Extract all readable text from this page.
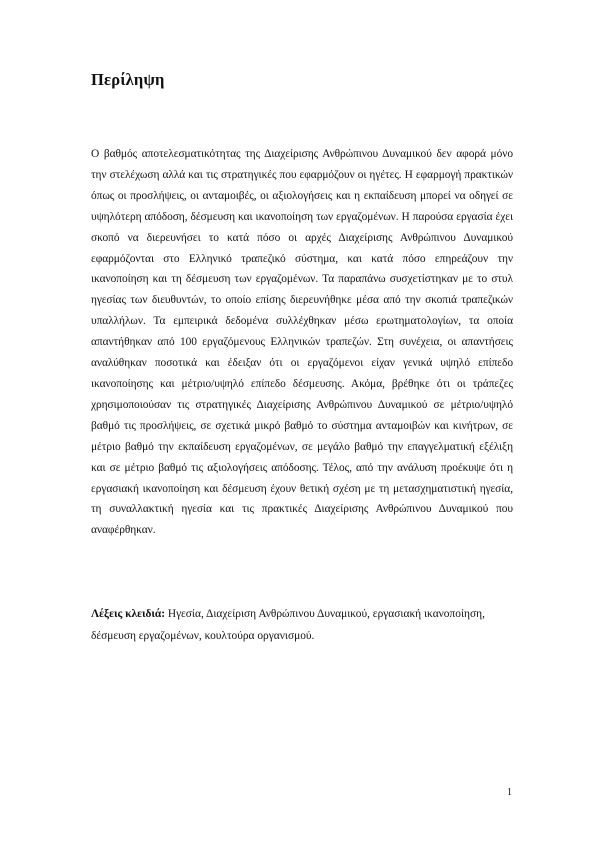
Περίληψη

Ο βαθμός αποτελεσματικότητας της Διαχείρισης Ανθρώπινου Δυναμικού δεν αφορά μόνο την στελέχωση αλλά και τις στρατηγικές που εφαρμόζουν οι ηγέτες. Η εφαρμογή πρακτικών όπως οι προσλήψεις, οι ανταμοιβές, οι αξιολογήσεις και η εκπαίδευση μπορεί να οδηγεί σε υψηλότερη απόδοση, δέσμευση και ικανοποίηση των εργαζομένων. Η παρούσα εργασία έχει σκοπό να διερευνήσει το κατά πόσο οι αρχές Διαχείρισης Ανθρώπινου Δυναμικού εφαρμόζονται στο Ελληνικό τραπεζικό σύστημα, και κατά πόσο επηρεάζουν την ικανοποίηση και τη δέσμευση των εργαζομένων. Τα παραπάνω συσχετίστηκαν με το στυλ ηγεσίας των διευθυντών, το οποίο επίσης διερευνήθηκε μέσα από την σκοπιά τραπεζικών υπαλλήλων. Τα εμπειρικά δεδομένα συλλέχθηκαν μέσω ερωτηματολογίων, τα οποία απαντήθηκαν από 100 εργαζόμενους Ελληνικών τραπεζών. Στη συνέχεια, οι απαντήσεις αναλύθηκαν ποσοτικά και έδειξαν ότι οι εργαζόμενοι είχαν γενικά υψηλό επίπεδο ικανοποίησης και μέτριο/υψηλό επίπεδο δέσμευσης. Ακόμα, βρέθηκε ότι οι τράπεζες χρησιμοποιούσαν τις στρατηγικές Διαχείρισης Ανθρώπινου Δυναμικού σε μέτριο/υψηλό βαθμό τις προσλήψεις, σε σχετικά μικρό βαθμό το σύστημα ανταμοιβών και κινήτρων, σε μέτριο βαθμό την εκπαίδευση εργαζομένων, σε μεγάλο βαθμό την επαγγελματική εξέλιξη και σε μέτριο βαθμό τις αξιολογήσεις απόδοσης. Τέλος, από την ανάλυση προέκυψε ότι η εργασιακή ικανοποίηση και δέσμευση έχουν θετική σχέση με τη μετασχηματιστική ηγεσία, τη συναλλακτική ηγεσία και τις πρακτικές Διαχείρισης Ανθρώπινου Δυναμικού που αναφέρθηκαν.

Λέξεις κλειδιά: Ηγεσία, Διαχείριση Ανθρώπινου Δυναμικού, εργασιακή ικανοποίηση, δέσμευση εργαζομένων, κουλτούρα οργανισμού.

1
